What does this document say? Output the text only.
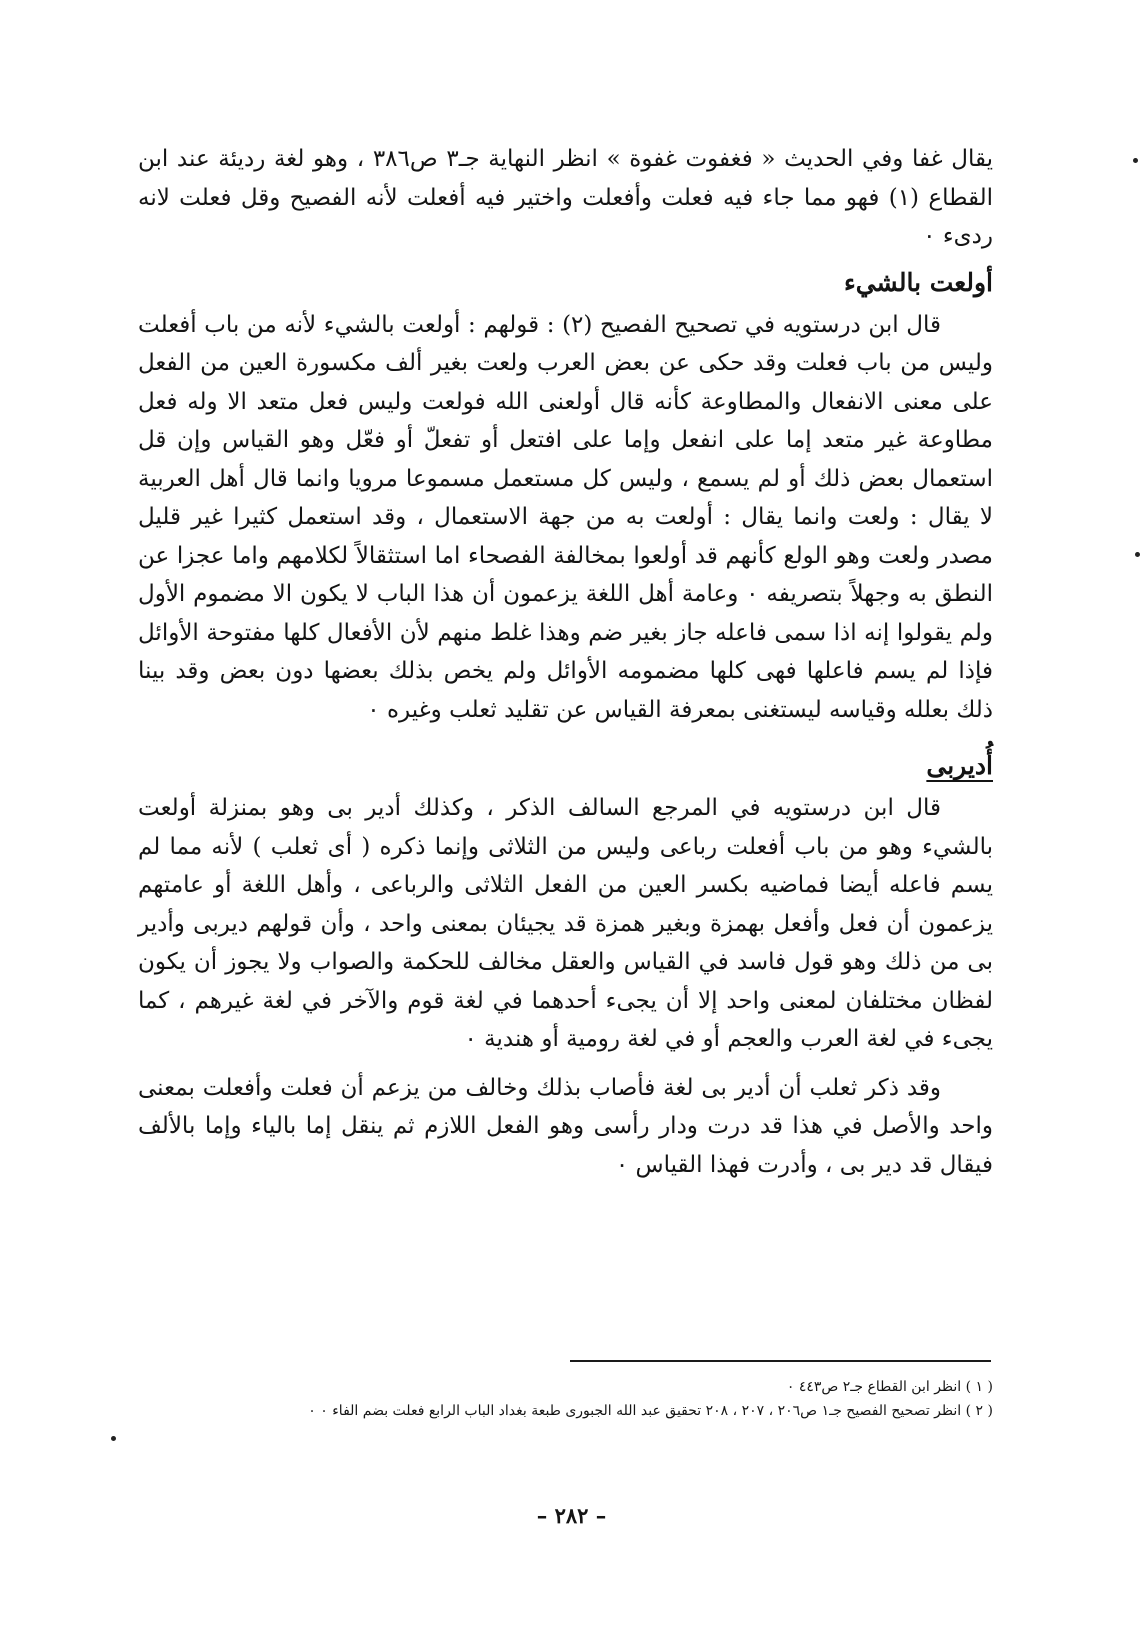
يقال غفا وفي الحديث « فغفوت غفوة » انظر النهاية جـ٣ ص٣٨٦ ، وهو لغة رديئة عند ابن القطاع (١) فهو مما جاء فيه فعلت وأفعلت واختير فيه أفعلت لأنه الفصيح وقل فعلت لانه ردىء ٠

أولعت بالشيء

قال ابن درستويه في تصحيح الفصيح (٢) : قولهم : أولعت بالشيء لأنه من باب أفعلت وليس من باب فعلت وقد حكى عن بعض العرب ولعت بغير ألف مكسورة العين من الفعل على معنى الانفعال والمطاوعة كأنه قال أولعنى الله فولعت وليس فعل متعد الا وله فعل مطاوعة غير متعد إما على انفعل وإما على افتعل أو تفعلّ أو فعّل وهو القياس وإن قل استعمال بعض ذلك أو لم يسمع ، وليس كل مستعمل مسموعا مرويا وانما قال أهل العربية لا يقال : ولعت وانما يقال : أولعت به من جهة الاستعمال ، وقد استعمل كثيرا غير قليل مصدر ولعت وهو الولع كأنهم قد أولعوا بمخالفة الفصحاء اما استثقالاً لكلامهم واما عجزا عن النطق به وجهلاً بتصريفه ٠ وعامة أهل اللغة يزعمون أن هذا الباب لا يكون الا مضموم الأول ولم يقولوا إنه اذا سمى فاعله جاز بغير ضم وهذا غلط منهم لأن الأفعال كلها مفتوحة الأوائل فإذا لم يسم فاعلها فهى كلها مضمومه الأوائل ولم يخص بذلك بعضها دون بعض وقد بينا ذلك بعلله وقياسه ليستغنى بمعرفة القياس عن تقليد ثعلب وغيره ٠

أُديربى

قال ابن درستويه في المرجع السالف الذكر ، وكذلك أدير بى وهو بمنزلة أولعت بالشيء وهو من باب أفعلت رباعى وليس من الثلاثى وإنما ذكره ( أى ثعلب ) لأنه مما لم يسم فاعله أيضا فماضيه بكسر العين من الفعل الثلاثى والرباعى ، وأهل اللغة أو عامتهم يزعمون أن فعل وأفعل بهمزة وبغير همزة قد يجيئان بمعنى واحد ، وأن قولهم ديربى وأدير بى من ذلك وهو قول فاسد في القياس والعقل مخالف للحكمة والصواب ولا يجوز أن يكون لفظان مختلفان لمعنى واحد إلا أن يجىء أحدهما في لغة قوم والآخر في لغة غيرهم ، كما يجىء في لغة العرب والعجم أو في لغة رومية أو هندية ٠

وقد ذكر ثعلب أن أدير بى لغة فأصاب بذلك وخالف من يزعم أن فعلت وأفعلت بمعنى واحد والأصل في هذا قد درت ودار رأسى وهو الفعل اللازم ثم ينقل إما بالياء وإما بالألف فيقال قد دير بى ، وأدرت فهذا القياس ٠

( ١ ) انظر ابن القطاع جـ٢ ص٤٤٣ ٠

( ٢ ) انظر تصحيح الفصيح جـ١ ص٢٠٦ ، ٢٠٧ ، ٢٠٨ تحقيق عبد الله الجبورى طبعة بغداد الباب الرابع فعلت بضم الفاء ٠ ٠

– ٢٨٢ –
